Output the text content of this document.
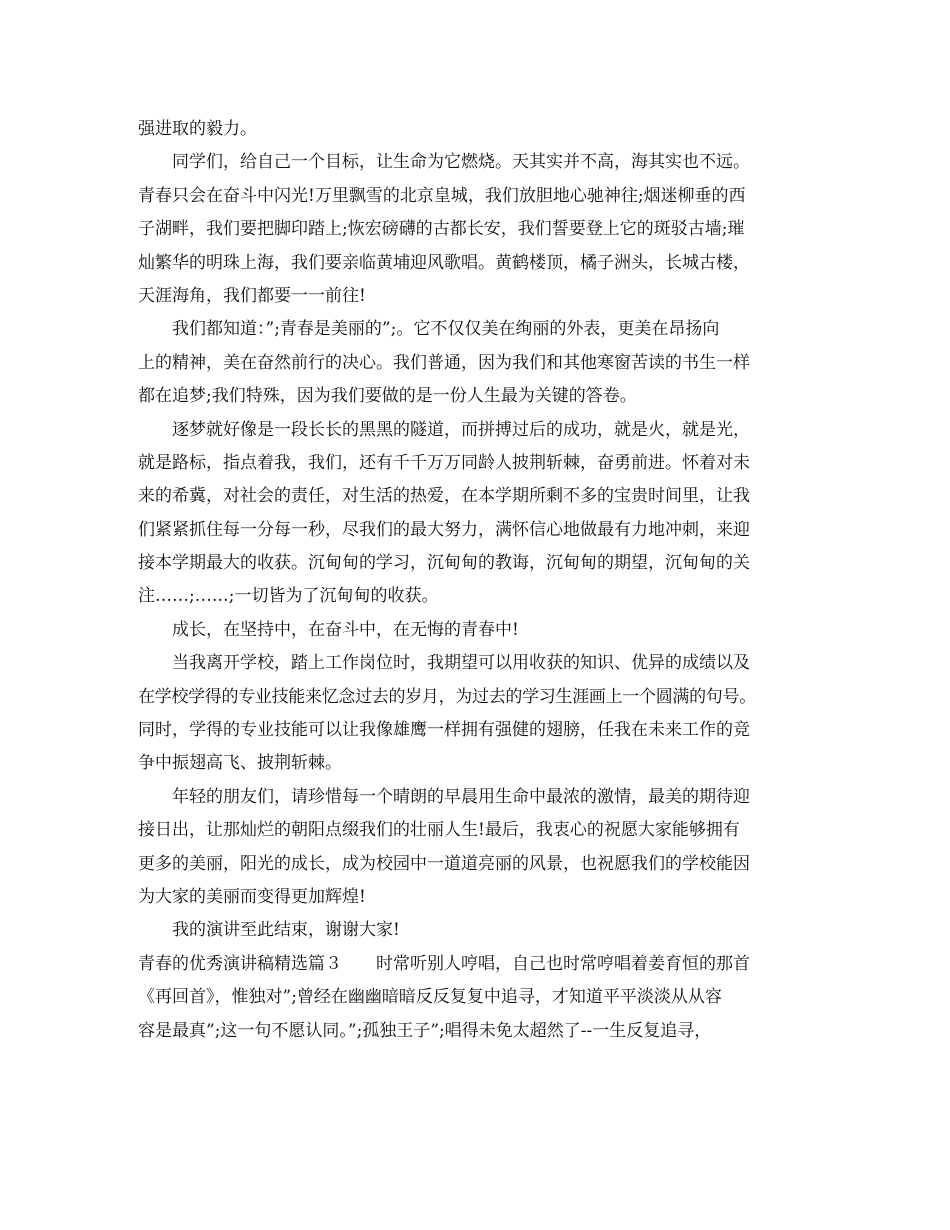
强进取的毅力。
同学们，给自己一个目标，让生命为它燃烧。天其实并不高，海其实也不远。
青春只会在奋斗中闪光!万里飘雪的北京皇城，我们放胆地心驰神往;烟迷柳垂的西
子湖畔，我们要把脚印踏上;恢宏磅礴的古都长安，我们誓要登上它的斑驳古墙;璀
灿繁华的明珠上海，我们要亲临黄埔迎风歌唱。黄鹤楼顶，橘子洲头，长城古楼，
天涯海角，我们都要一一前往!
我们都知道：”;青春是美丽的”;。它不仅仅美在绚丽的外表，更美在昂扬向
上的精神，美在奋然前行的决心。我们普通，因为我们和其他寒窗苦读的书生一样
都在追梦;我们特殊，因为我们要做的是一份人生最为关键的答卷。
逐梦就好像是一段长长的黑黑的隧道，而拼搏过后的成功，就是火，就是光，
就是路标，指点着我，我们，还有千千万万同龄人披荆斩棘，奋勇前进。怀着对未
来的希冀，对社会的责任，对生活的热爱，在本学期所剩不多的宝贵时间里，让我
们紧紧抓住每一分每一秒，尽我们的最大努力，满怀信心地做最有力地冲刺，来迎
接本学期最大的收获。沉甸甸的学习，沉甸甸的教诲，沉甸甸的期望，沉甸甸的关
注……;……;一切皆为了沉甸甸的收获。
成长，在坚持中，在奋斗中，在无悔的青春中!
当我离开学校，踏上工作岗位时，我期望可以用收获的知识、优异的成绩以及
在学校学得的专业技能来忆念过去的岁月，为过去的学习生涯画上一个圆满的句号。
同时，学得的专业技能可以让我像雄鹰一样拥有强健的翅膀，任我在未来工作的竞
争中振翅高飞、披荆斩棘。
年轻的朋友们，请珍惜每一个晴朗的早晨用生命中最浓的激情，最美的期待迎
接日出，让那灿烂的朝阳点缀我们的壮丽人生!最后，我衷心的祝愿大家能够拥有
更多的美丽，阳光的成长，成为校园中一道道亮丽的风景，也祝愿我们的学校能因
为大家的美丽而变得更加辉煌!
我的演讲至此结束，谢谢大家!
青春的优秀演讲稿精选篇３　　时常听别人哼唱，自己也时常哼唱着姜育恒的那首
《再回首》，惟独对”;曾经在幽幽暗暗反反复复中追寻，才知道平平淡淡从从容
容是最真”;这一句不愿认同。”;孤独王子”;唱得未免太超然了--一生反复追寻，
